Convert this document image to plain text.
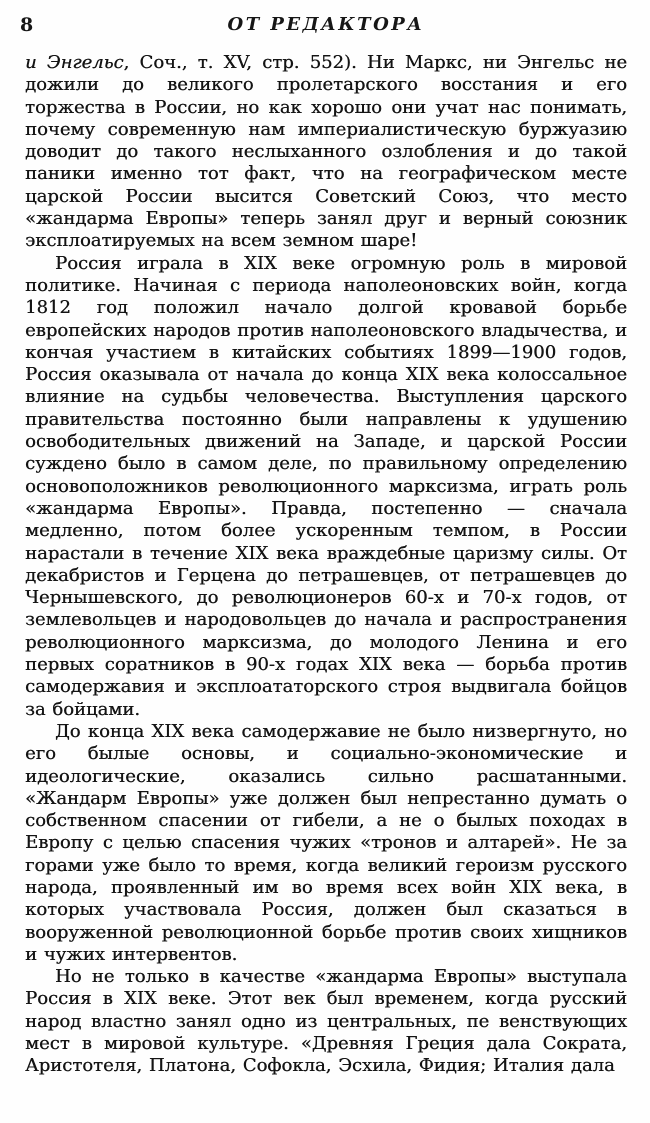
8	ОТ РЕДАКТОРА

и Энгельс, Соч., т. XV, стр. 552). Ни Маркс, ни Энгельс не дожили до великого пролетарского восстания и его торжества в России, но как хорошо они учат нас понимать, почему современную нам империалистическую буржуазию доводит до такого неслыханного озлобления и до такой паники именно тот факт, что на географическом месте царской России высится Советский Союз, что место «жандарма Европы» теперь занял друг и верный союзник эксплоатируемых на всем земном шаре!

Россия играла в XIX веке огромную роль в мировой политике. Начиная с периода наполеоновских войн, когда 1812 год положил начало долгой кровавой борьбе европейских народов против наполеоновского владычества, и кончая участием в китайских событиях 1899—1900 годов, Россия оказывала от начала до конца XIX века колоссальное влияние на судьбы человечества. Выступления царского правительства постоянно были направлены к удушению освободительных движений на Западе, и царской России суждено было в самом деле, по правильному определению основоположников революционного марксизма, играть роль «жандарма Европы». Правда, постепенно — сначала медленно, потом более ускоренным темпом, в России нарастали в течение XIX века враждебные царизму силы. От декабристов и Герцена до петрашевцев, от петрашевцев до Чернышевского, до революционеров 60-х и 70-х годов, от землевольцев и народовольцев до начала и распространения революционного марксизма, до молодого Ленина и его первых соратников в 90-х годах XIX века — борьба против самодержавия и эксплоататорского строя выдвигала бойцов за бойцами.

До конца XIX века самодержавие не было низвергнуто, но его былые основы, и социально-экономические и идеологические, оказались сильно расшатанными. «Жандарм Европы» уже должен был непрестанно думать о собственном спасении от гибели, а не о былых походах в Европу с целью спасения чужих «тронов и алтарей». Не за горами уже было то время, когда великий героизм русского народа, проявленный им во время всех войн XIX века, в которых участвовала Россия, должен был сказаться в вооруженной революционной борьбе против своих хищников и чужих интервентов.

Но не только в качестве «жандарма Европы» выступала Россия в XIX веке. Этот век был временем, когда русский народ властно занял одно из центральных, пе венствующих мест в мировой культуре. «Древняя Греция дала Сократа, Аристотеля, Платона, Софокла, Эсхила, Фидия; Италия дала
